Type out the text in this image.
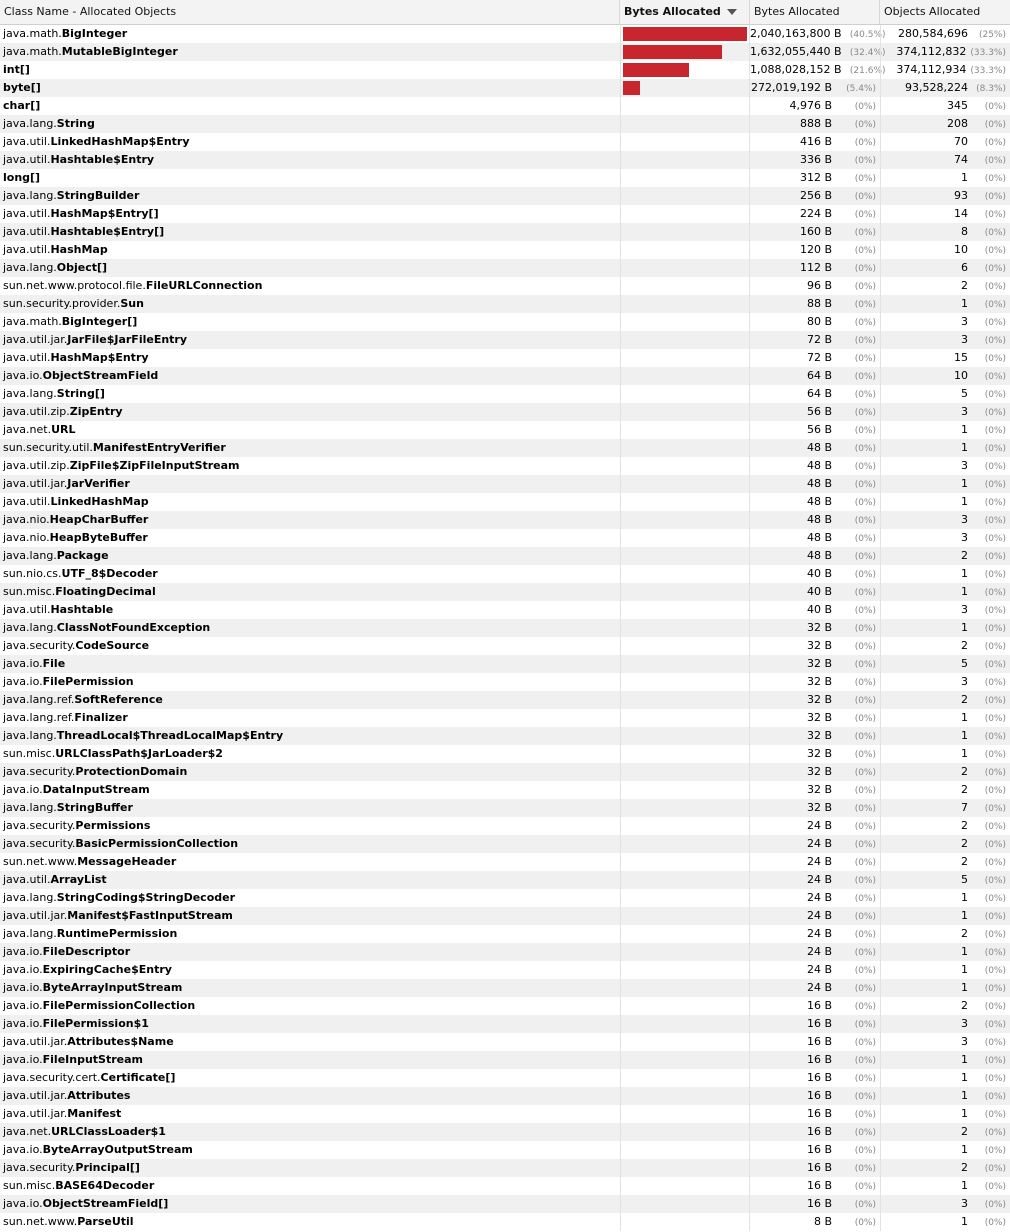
Class Name - Allocated Objects	Bytes Allocated	Bytes Allocated	Objects Allocated
java.math.BigInteger	2,040,163,800 B (40.5%)	280,584,696 (25%)
java.math.MutableBigInteger	1,632,055,440 B (32.4%) 374,112,832 (33.3%)
int[]	1,088,028,152 B (21.6%) 374,112,934 (33.3%)
byte[]	272,019,192 B (5.4%)	93,528,224 (8.3%)
char[]	4,976 B	(0%)	345 (0%)
java.lang.String	888 B	(0%)	208 (0%)
java.util.LinkedHashMap$Entry	416 B	(0%)	70 (0%)
java.util.Hashtable$Entry	336 B	(0%)	74 (0%)
long[]	312 B	(0%)	1 (0%)
java.lang.StringBuilder	256 B	(0%)	93 (0%)
java.util.HashMap$Entry[]	224 B	(0%)	14 (0%)
java.util.Hashtable$Entry[]	160 B	(0%)	8 (0%)
java.util.HashMap	120 B	(0%)	10 (0%)
java.lang.Object[]	112 B	(0%)	6 (0%)
sun.net.www.protocol.file.FileURLConnection	96 B	(0%)	2 (0%)
sun.security.provider.Sun	88 B	(0%)	1 (0%)
java.math.BigInteger[]	80 B	(0%)	3 (0%)
java.util.jar.JarFile$JarFileEntry	72 B	(0%)	3 (0%)
java.util.HashMap$Entry	72 B	(0%)	15 (0%)
java.io.ObjectStreamField	64 B	(0%)	10 (0%)
java.lang.String[]	64 B	(0%)	5 (0%)
java.util.zip.ZipEntry	56 B	(0%)	3 (0%)
java.net.URL	56 B	(0%)	1 (0%)
sun.security.util.ManifestEntryVerifier	48 B	(0%)	1 (0%)
java.util.zip.ZipFile$ZipFileInputStream	48 B	(0%)	3 (0%)
java.util.jar.JarVerifier	48 B	(0%)	1 (0%)
java.util.LinkedHashMap	48 B	(0%)	1 (0%)
java.nio.HeapCharBuffer	48 B	(0%)	3 (0%)
java.nio.HeapByteBuffer	48 B	(0%)	3 (0%)
java.lang.Package	48 B	(0%)	2 (0%)
sun.nio.cs.UTF_8$Decoder	40 B	(0%)	1 (0%)
sun.misc.FloatingDecimal	40 B	(0%)	1 (0%)
java.util.Hashtable	40 B	(0%)	3 (0%)
java.lang.ClassNotFoundException	32 B	(0%)	1 (0%)
java.security.CodeSource	32 B	(0%)	2 (0%)
java.io.File	32 B	(0%)	5 (0%)
java.io.FilePermission	32 B	(0%)	3 (0%)
java.lang.ref.SoftReference	32 B	(0%)	2 (0%)
java.lang.ref.Finalizer	32 B	(0%)	1 (0%)
java.lang.ThreadLocal$ThreadLocalMap$Entry	32 B	(0%)	1 (0%)
sun.misc.URLClassPath$JarLoader$2	32 B	(0%)	1 (0%)
java.security.ProtectionDomain	32 B	(0%)	2 (0%)
java.io.DataInputStream	32 B	(0%)	2 (0%)
java.lang.StringBuffer	32 B	(0%)	7 (0%)
java.security.Permissions	24 B	(0%)	2 (0%)
java.security.BasicPermissionCollection	24 B	(0%)	2 (0%)
sun.net.www.MessageHeader	24 B	(0%)	2 (0%)
java.util.ArrayList	24 B	(0%)	5 (0%)
java.lang.StringCoding$StringDecoder	24 B	(0%)	1 (0%)
java.util.jar.Manifest$FastInputStream	24 B	(0%)	1 (0%)
java.lang.RuntimePermission	24 B	(0%)	2 (0%)
java.io.FileDescriptor	24 B	(0%)	1 (0%)
java.io.ExpiringCache$Entry	24 B	(0%)	1 (0%)
java.io.ByteArrayInputStream	24 B	(0%)	1 (0%)
java.io.FilePermissionCollection	16 B	(0%)	2 (0%)
java.io.FilePermission$1	16 B	(0%)	3 (0%)
java.util.jar.Attributes$Name	16 B	(0%)	3 (0%)
java.io.FileInputStream	16 B	(0%)	1 (0%)
java.security.cert.Certificate[]	16 B	(0%)	1 (0%)
java.util.jar.Attributes	16 B	(0%)	1 (0%)
java.util.jar.Manifest	16 B	(0%)	1 (0%)
java.net.URLClassLoader$1	16 B	(0%)	2 (0%)
java.io.ByteArrayOutputStream	16 B	(0%)	1 (0%)
java.security.Principal[]	16 B	(0%)	2 (0%)
sun.misc.BASE64Decoder	16 B	(0%)	1 (0%)
java.io.ObjectStreamField[]	16 B	(0%)	3 (0%)
sun.net.www.ParseUtil	8 B	(0%)	1 (0%)
